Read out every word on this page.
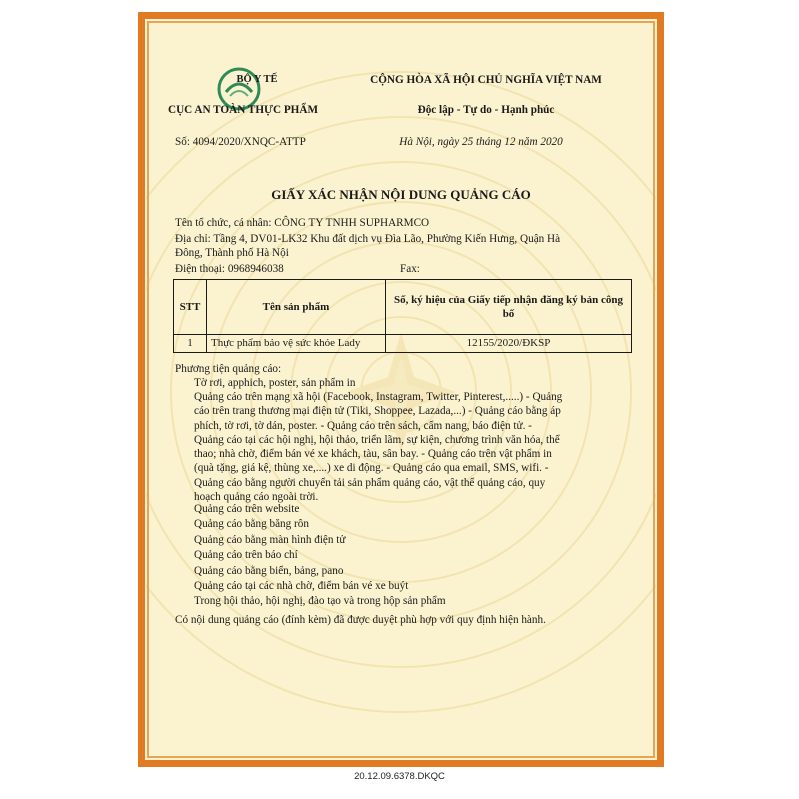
BỘ Y TẾ
CỤC AN TOÀN THỰC PHẨM
CỘNG HÒA XÃ HỘI CHỦ NGHĨA VIỆT NAM
Độc lập - Tự do - Hạnh phúc
Số: 4094/2020/XNQC-ATTP	Hà Nội, ngày 25 tháng 12 năm 2020
GIẤY XÁC NHẬN NỘI DUNG QUẢNG CÁO
Tên tổ chức, cá nhân: CÔNG TY TNHH SUPHARMCO
Địa chỉ: Tầng 4, DV01-LK32 Khu đất dịch vụ Đìa Lão, Phường Kiến Hưng, Quận Hà
Đông, Thành phố Hà Nội
Điện thoại: 0968946038	Fax:
STT	Tên sản phẩm	Số, ký hiệu của Giấy tiếp nhận đăng ký bản công bố
1	Thực phẩm bảo vệ sức khỏe Lady	12155/2020/ĐKSP
Phương tiện quảng cáo:
Tờ rơi, apphich, poster, sản phẩm in
Quảng cáo trên mạng xã hội (Facebook, Instagram, Twitter, Pinterest,.....) - Quảng
cáo trên trang thương mại điện tử (Tiki, Shoppee, Lazada,...) - Quảng cáo bằng áp
phích, tờ rơi, tờ dán, poster. - Quảng cáo trên sách, cẩm nang, báo điện tử. -
Quảng cáo tại các hội nghị, hội thảo, triển lãm, sự kiện, chương trình văn hóa, thể
thao; nhà chờ, điểm bán vé xe khách, tàu, sân bay. - Quảng cáo trên vật phẩm in
(quà tặng, giá kệ, thùng xe,....) xe di động. - Quảng cáo qua email, SMS, wifi. -
Quảng cáo bằng người chuyển tải sản phẩm quảng cáo, vật thể quảng cáo, quy
hoạch quảng cáo ngoài trời.
Quảng cáo trên website
Quảng cáo bằng băng rôn
Quảng cáo bằng màn hình điện tử
Quảng cáo trên báo chí
Quảng cáo bằng biển, bảng, pano
Quảng cáo tại các nhà chờ, điểm bán vé xe buýt
Trong hội thảo, hội nghị, đào tạo và trong hộp sản phẩm
Có nội dung quảng cáo (đính kèm) đã được duyệt phù hợp với quy định hiện hành.
20.12.09.6378.DKQC
